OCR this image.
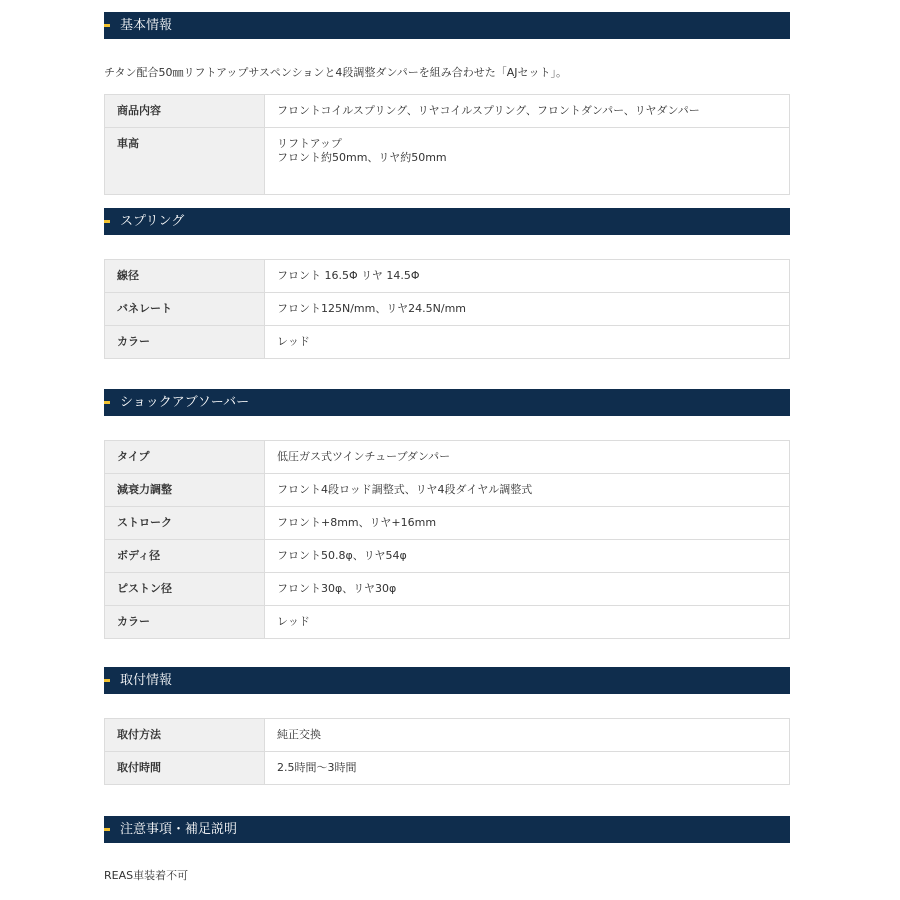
基本情報
チタン配合50㎜リフトアップサスペンションと4段調整ダンパーを組み合わせた「AJセット」。
商品内容	フロントコイルスプリング、リヤコイルスプリング、フロントダンパー、リヤダンパー
車高	リフトアップ
フロント約50mm、リヤ約50mm
スプリング
線径	フロント 16.5Φ リヤ 14.5Φ
バネレート	フロント125N/mm、リヤ24.5N/mm
カラー	レッド
ショックアブソーバー
タイプ	低圧ガス式ツインチューブダンパー
減衰力調整	フロント4段ロッド調整式、リヤ4段ダイヤル調整式
ストローク	フロント+8mm、リヤ+16mm
ボディ径	フロント50.8φ、リヤ54φ
ピストン径	フロント30φ、リヤ30φ
カラー	レッド
取付情報
取付方法	純正交換
取付時間	2.5時間～3時間
注意事項・補足説明
REAS車装着不可
